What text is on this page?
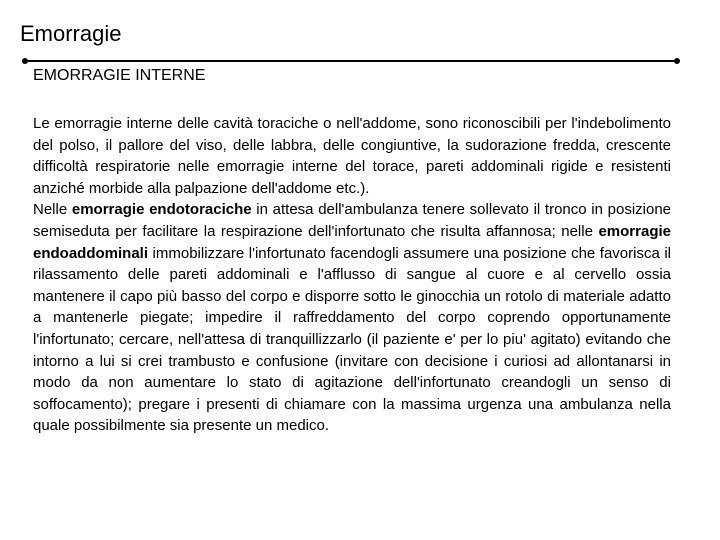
Emorragie
EMORRAGIE INTERNE

Le emorragie interne delle cavità toraciche o nell'addome, sono riconoscibili per l'indebolimento del polso, il pallore del viso, delle labbra, delle congiuntive, la sudorazione fredda, crescente difficoltà respiratorie nelle emorragie interne del torace, pareti addominali rigide e resistenti anziché morbide alla palpazione dell'addome etc.).

Nelle emorragie endotoraciche in attesa dell'ambulanza tenere sollevato il tronco in posizione semiseduta per facilitare la respirazione dell'infortunato che risulta affannosa; nelle emorragie endoaddominali immobilizzare l'infortunato facendogli assumere una posizione che favorisca il rilassamento delle pareti addominali e l'afflusso di sangue al cuore e al cervello ossia mantenere il capo più basso del corpo e disporre sotto le ginocchia un rotolo di materiale adatto a mantenerle piegate; impedire il raffreddamento del corpo coprendo opportunamente l'infortunato; cercare, nell'attesa di tranquillizzarlo (il paziente e' per lo piu' agitato) evitando che intorno a lui si crei trambusto e confusione (invitare con decisione i curiosi ad allontanarsi in modo da non aumentare lo stato di agitazione dell'infortunato creandogli un senso di soffocamento); pregare i presenti di chiamare con la massima urgenza una ambulanza nella quale possibilmente sia presente un medico.
